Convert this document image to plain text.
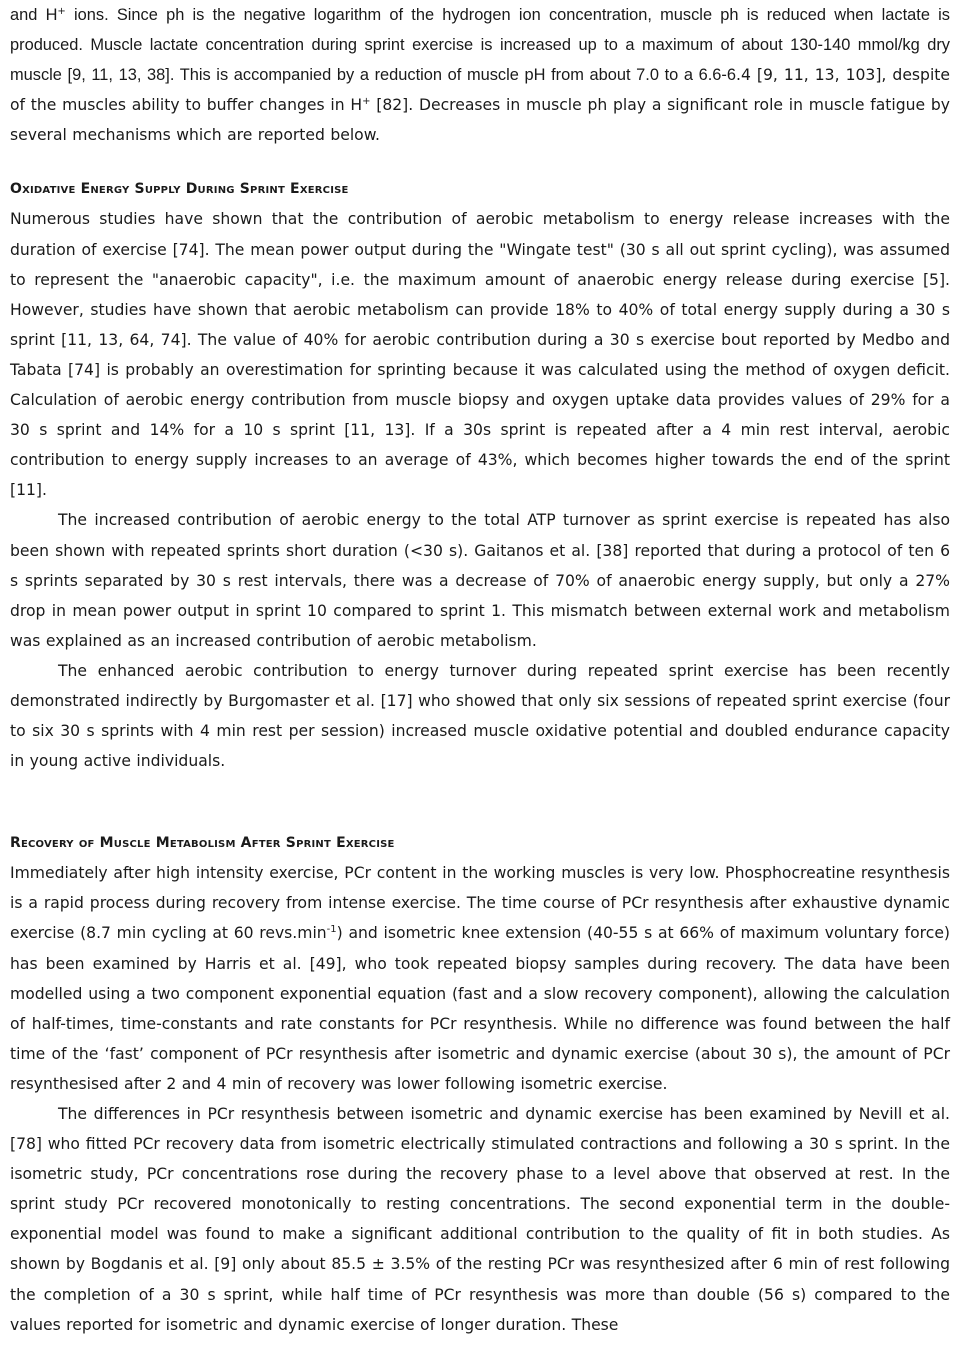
and H+ ions. Since ph is the negative logarithm of the hydrogen ion concentration, muscle ph is reduced when lactate is produced. Muscle lactate concentration during sprint exercise is increased up to a maximum of about 130-140 mmol/kg dry muscle [9, 11, 13, 38]. This is accompanied by a reduction of muscle pH from about 7.0 to a 6.6-6.4 [9, 11, 13, 103], despite of the muscles ability to buffer changes in H+ [82]. Decreases in muscle ph play a significant role in muscle fatigue by several mechanisms which are reported below.

Oxidative Energy Supply During Sprint Exercise

Numerous studies have shown that the contribution of aerobic metabolism to energy release increases with the duration of exercise [74]. The mean power output during the "Wingate test" (30 s all out sprint cycling), was assumed to represent the "anaerobic capacity", i.e. the maximum amount of anaerobic energy release during exercise [5]. However, studies have shown that aerobic metabolism can provide 18% to 40% of total energy supply during a 30 s sprint [11, 13, 64, 74]. The value of 40% for aerobic contribution during a 30 s exercise bout reported by Medbo and Tabata [74] is probably an overestimation for sprinting because it was calculated using the method of oxygen deficit. Calculation of aerobic energy contribution from muscle biopsy and oxygen uptake data provides values of 29% for a 30 s sprint and 14% for a 10 s sprint [11, 13]. If a 30s sprint is repeated after a 4 min rest interval, aerobic contribution to energy supply increases to an average of 43%, which becomes higher towards the end of the sprint [11].

The increased contribution of aerobic energy to the total ATP turnover as sprint exercise is repeated has also been shown with repeated sprints short duration (<30 s). Gaitanos et al. [38] reported that during a protocol of ten 6 s sprints separated by 30 s rest intervals, there was a decrease of 70% of anaerobic energy supply, but only a 27% drop in mean power output in sprint 10 compared to sprint 1. This mismatch between external work and metabolism was explained as an increased contribution of aerobic metabolism.

The enhanced aerobic contribution to energy turnover during repeated sprint exercise has been recently demonstrated indirectly by Burgomaster et al. [17] who showed that only six sessions of repeated sprint exercise (four to six 30 s sprints with 4 min rest per session) increased muscle oxidative potential and doubled endurance capacity in young active individuals.

Recovery of Muscle Metabolism After Sprint Exercise

Immediately after high intensity exercise, PCr content in the working muscles is very low. Phosphocreatine resynthesis is a rapid process during recovery from intense exercise. The time course of PCr resynthesis after exhaustive dynamic exercise (8.7 min cycling at 60 $revs.\min^{-1}$) and isometric knee extension (40-55 s at 66% of maximum voluntary force) has been examined by Harris et al. [49], who took repeated biopsy samples during recovery. The data have been modelled using a two component exponential equation (fast and a slow recovery component), allowing the calculation of half-times, time-constants and rate constants for PCr resynthesis. While no difference was found between the half time of the ‘fast’ component of PCr resynthesis after isometric and dynamic exercise (about 30 s), the amount of PCr resynthesised after 2 and 4 min of recovery was lower following isometric exercise.

The differences in PCr resynthesis between isometric and dynamic exercise has been examined by Nevill et al. [78] who fitted PCr recovery data from isometric electrically stimulated contractions and following a 30 s sprint. In the isometric study, PCr concentrations rose during the recovery phase to a level above that observed at rest. In the sprint study PCr recovered monotonically to resting concentrations. The second exponential term in the double-exponential model was found to make a significant additional contribution to the quality of fit in both studies. As shown by Bogdanis et al. [9] only about 85.5 ± 3.5% of the resting PCr was resynthesized after 6 min of rest following the completion of a 30 s sprint, while half time of PCr resynthesis was more than double (56 s) compared to the values reported for isometric and dynamic exercise of longer duration. These
